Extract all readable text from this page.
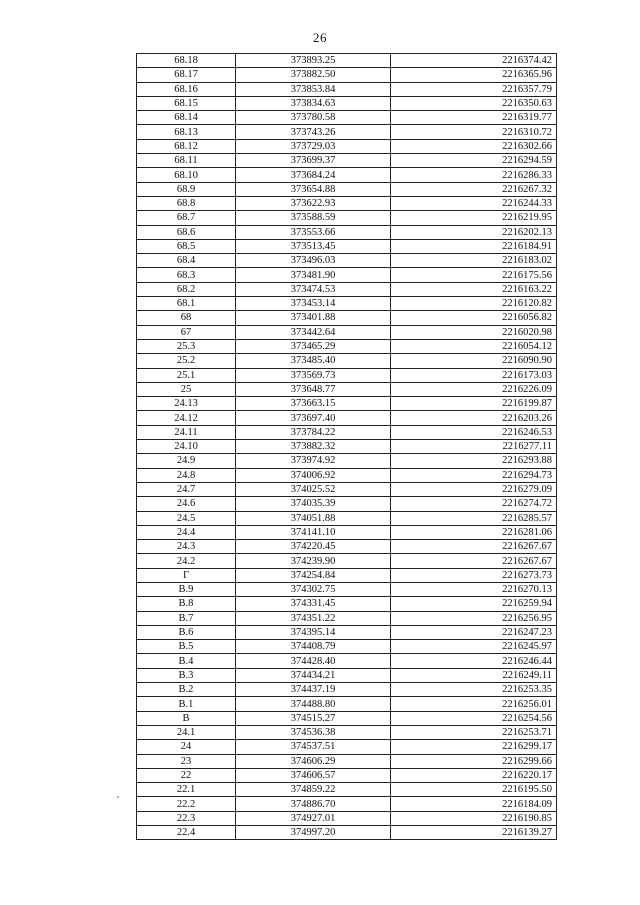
26
68.18	373893.25	2216374.42
68.17	373882.50	2216365.96
68.16	373853.84	2216357.79
68.15	373834.63	2216350.63
68.14	373780.58	2216319.77
68.13	373743.26	2216310.72
68.12	373729.03	2216302.66
68.11	373699.37	2216294.59
68.10	373684.24	2216286.33
68.9	373654.88	2216267.32
68.8	373622.93	2216244.33
68.7	373588.59	2216219.95
68.6	373553.66	2216202.13
68.5	373513.45	2216184.91
68.4	373496.03	2216183.02
68.3	373481.90	2216175.56
68.2	373474.53	2216163.22
68.1	373453.14	2216120.82
68	373401.88	2216056.82
67	373442.64	2216020.98
25.3	373465.29	2216054.12
25.2	373485.40	2216090.90
25.1	373569.73	2216173.03
25	373648.77	2216226.09
24.13	373663.15	2216199.87
24.12	373697.40	2216203.26
24.11	373784.22	2216246.53
24.10	373882.32	2216277.11
24.9	373974.92	2216293.88
24.8	374006.92	2216294.73
24.7	374025.52	2216279.09
24.6	374035.39	2216274.72
24.5	374051.88	2216285.57
24.4	374141.10	2216281.06
24.3	374220.45	2216267.67
24.2	374239.90	2216267.67
Г	374254.84	2216273.73
В.9	374302.75	2216270.13
В.8	374331.45	2216259.94
В.7	374351.22	2216256.95
В.6	374395.14	2216247.23
В.5	374408.79	2216245.97
В.4	374428.40	2216246.44
В.3	374434.21	2216249.11
В.2	374437.19	2216253.35
В.1	374488.80	2216256.01
В	374515.27	2216254.56
24.1	374536.38	2216253.71
24	374537.51	2216299.17
23	374606.29	2216299.66
22	374606.57	2216220.17
22.1	374859.22	2216195.50
22.2	374886.70	2216184.09
22.3	374927.01	2216190.85
22.4	374997.20	2216139.27
